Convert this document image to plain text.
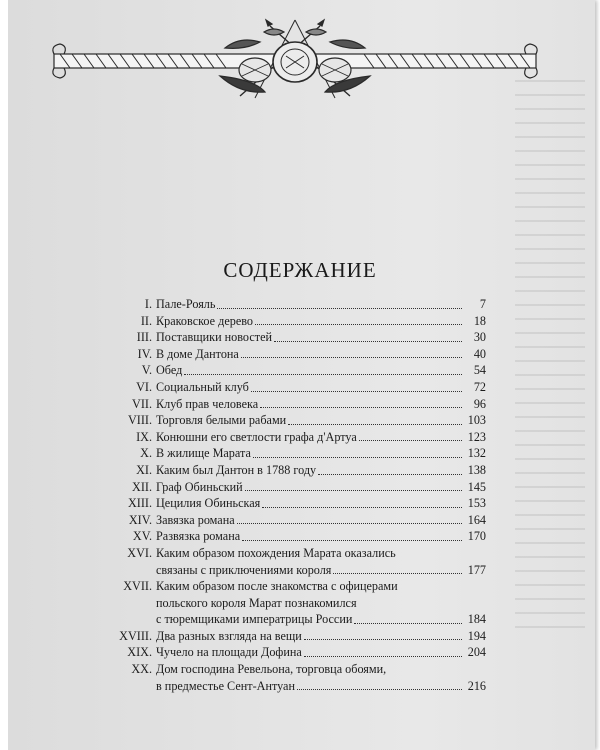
СОДЕРЖАНИЕ
I. Пале-Рояль	7
II. Краковское дерево	18
III. Поставщики новостей	30
IV. В доме Дантона	40
V. Обед	54
VI. Социальный клуб	72
VII. Клуб прав человека	96
VIII. Торговля белыми рабами	103
IX. Конюшни его светлости графа д'Артуа	123
X. В жилище Марата	132
XI. Каким был Дантон в 1788 году	138
XII. Граф Обиньский	145
XIII. Цецилия Обиньская	153
XIV. Завязка романа	164
XV. Развязка романа	170
XVI. Каким образом похождения Марата оказались
связаны с приключениями короля	177
XVII. Каким образом после знакомства с офицерами
польского короля Марат познакомился
с тюремщиками императрицы России	184
XVIII. Два разных взгляда на вещи	194
XIX. Чучело на площади Дофина	204
XX. Дом господина Ревельона, торговца обоями,
в предместье Сент-Антуан	216
